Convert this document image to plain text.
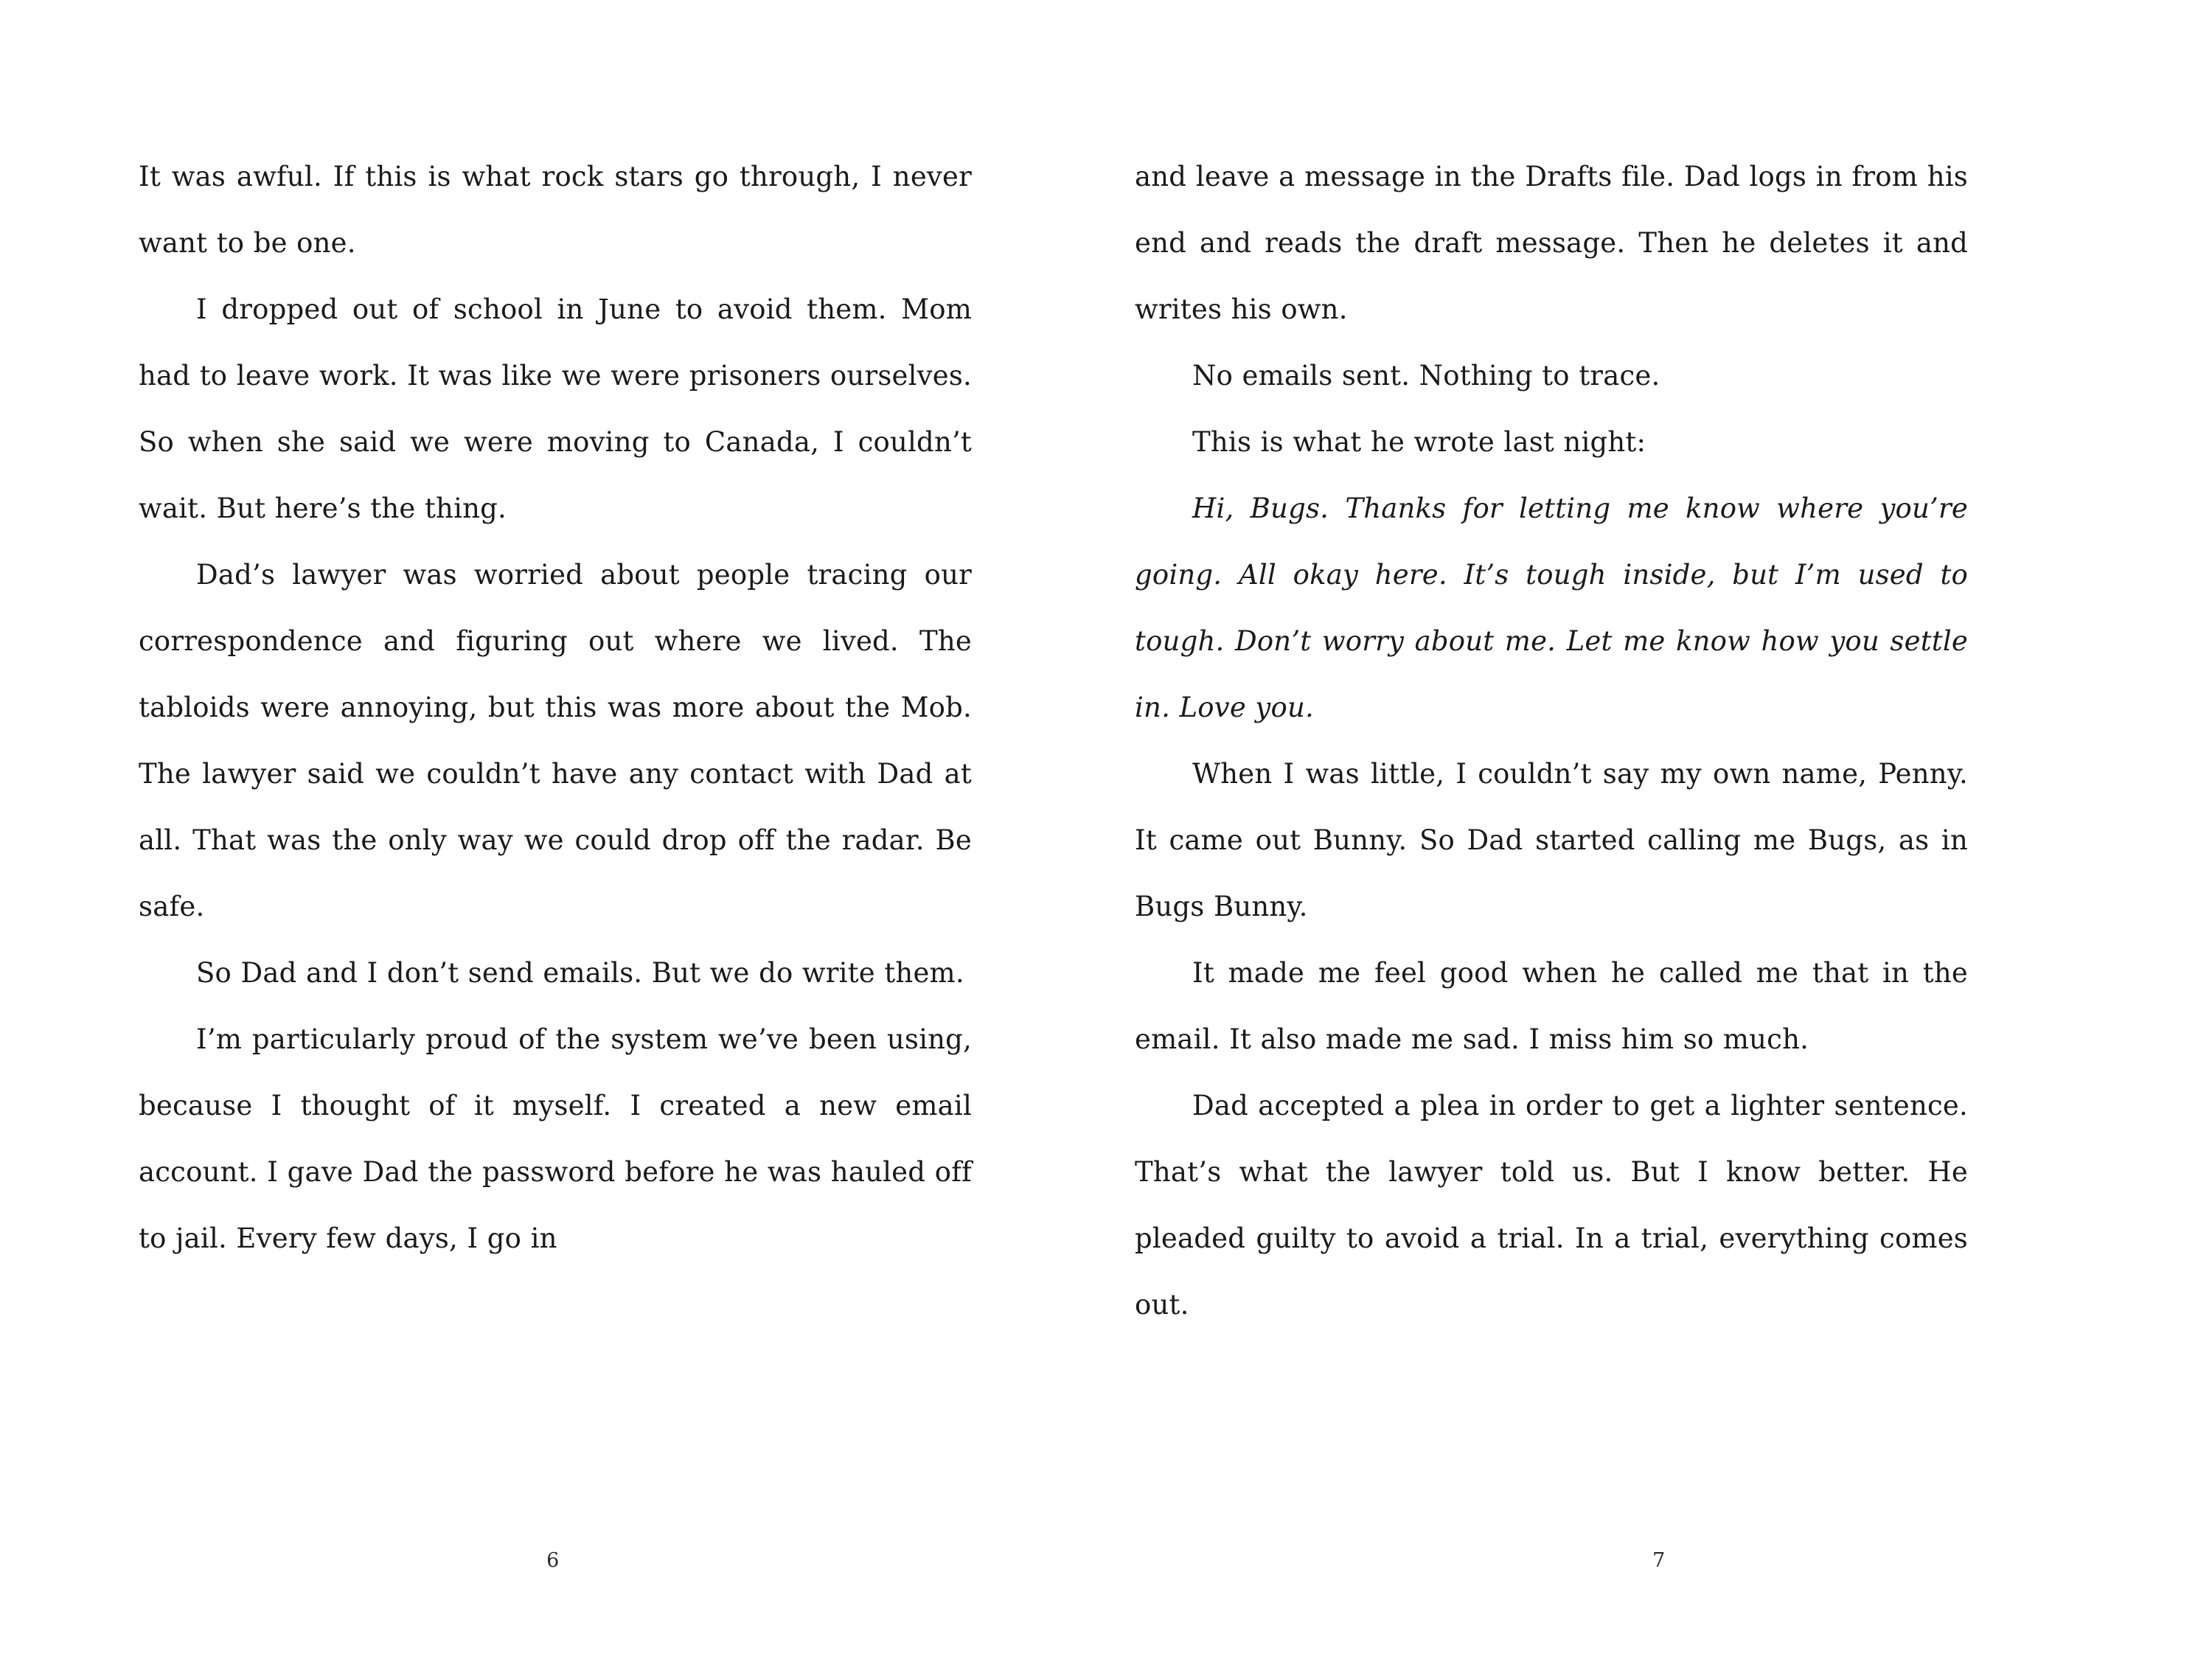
It was awful. If this is what rock stars go through, I never want to be one.

I dropped out of school in June to avoid them. Mom had to leave work. It was like we were prisoners ourselves. So when she said we were moving to Canada, I couldn’t wait. But here’s the thing.

Dad’s lawyer was worried about people tracing our correspondence and figuring out where we lived. The tabloids were annoying, but this was more about the Mob. The lawyer said we couldn’t have any contact with Dad at all. That was the only way we could drop off the radar. Be safe.

So Dad and I don’t send emails. But we do write them.

I’m particularly proud of the system we’ve been using, because I thought of it myself. I created a new email account. I gave Dad the password before he was hauled off to jail. Every few days, I go in

6

and leave a message in the Drafts file. Dad logs in from his end and reads the draft message. Then he deletes it and writes his own.

No emails sent. Nothing to trace.

This is what he wrote last night:

Hi, Bugs. Thanks for letting me know where you’re going. All okay here. It’s tough inside, but I’m used to tough. Don’t worry about me. Let me know how you settle in. Love you.

When I was little, I couldn’t say my own name, Penny. It came out Bunny. So Dad started calling me Bugs, as in Bugs Bunny.

It made me feel good when he called me that in the email. It also made me sad. I miss him so much.

Dad accepted a plea in order to get a lighter sentence. That’s what the lawyer told us. But I know better. He pleaded guilty to avoid a trial. In a trial, everything comes out.

7
